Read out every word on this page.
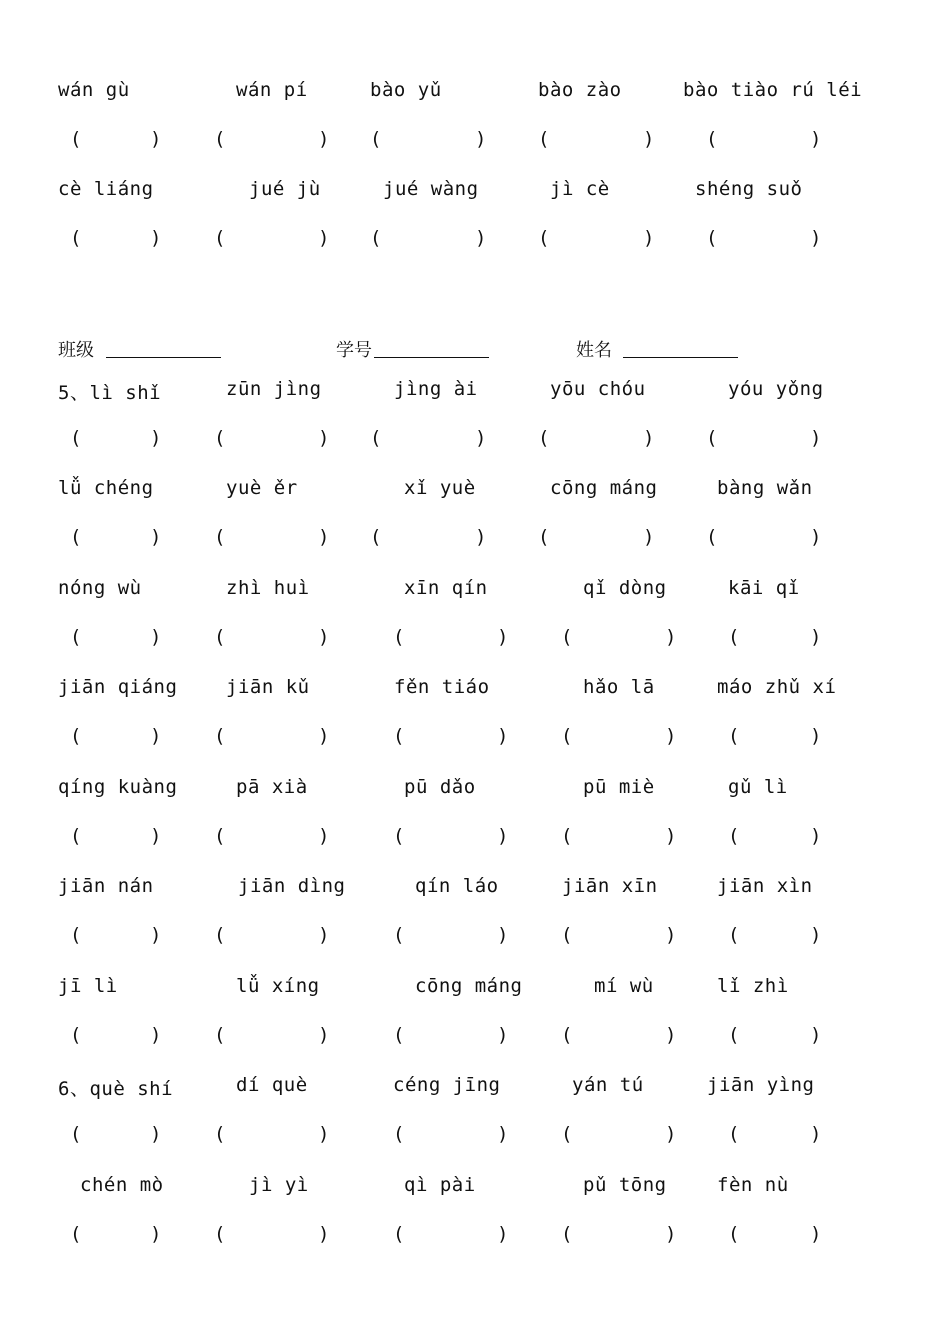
wán gù	wán pí	bào yǔ	bào zào	bào tiào rú léi
(	)	(	) (	)	(	)	(	)
cè liáng	jué jù	jué wàng	jì cè	shéng suǒ
(	)	(	) (	)	(	)	(	)
5、lì shǐ	zūn jìng	jìng ài	yōu chóu	yóu yǒng
(	)	(	) (	)	(	)	(	)
lǚ chéng	yuè ěr	xǐ yuè	cōng máng	bàng wǎn
(	)	(	) (	)	(	)	(	)
nóng wù	zhì huì	xīn qín	qǐ dòng	kāi qǐ
(	)	(	)	(	)	(	)	(	)
jiān qiáng	jiān kǔ	fěn tiáo	hǎo lā	máo zhǔ xí
(	)	(	)	(	)	(	)	(	)
qíng kuàng	pā xià	pū dǎo	pū miè	gǔ lì
(	)	(	)	(	)	(	)	(	)
jiān nán	jiān dìng	qín láo	jiān xīn	jiān xìn
(	)	(	)	(	)	(	)	(	)
jī lì	lǚ xíng	cōng máng	mí wù	lǐ zhì
(	)	(	)	(	)	(	)	(	)
6、què shí	dí què	céng jīng	yán tú	jiān yìng
(	)	(	)	(	)	(	)	(	)
chén mò	jì yì	qì pài	pǔ tōng	fèn nù
(	)	(	)	(	)	(	)	(	)
班级	学号	姓名
